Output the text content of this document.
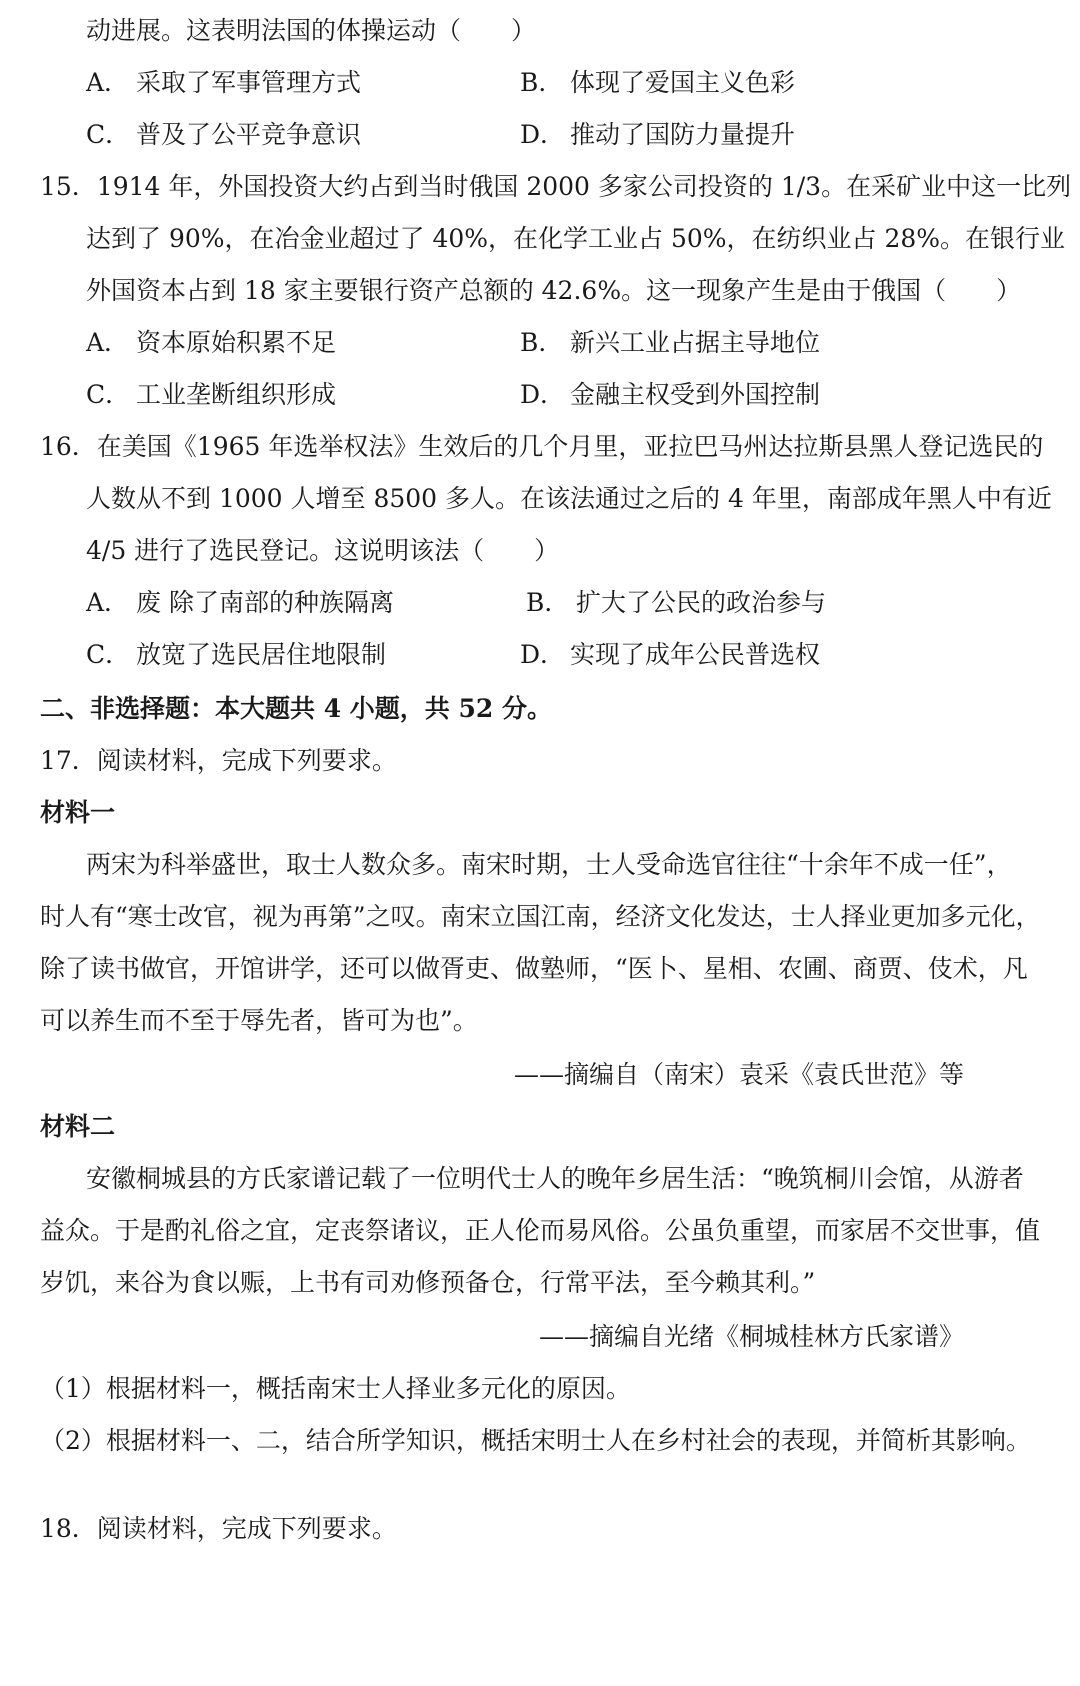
动进展。这表明法国的体操运动（　　）
A． 采取了军事管理方式	B． 体现了爱国主义色彩
C． 普及了公平竞争意识	D． 推动了国防力量提升
15．1914 年，外国投资大约占到当时俄国 2000 多家公司投资的 1/3。在采矿业中这一比列
达到了 90%，在冶金业超过了 40%，在化学工业占 50%，在纺织业占 28%。在银行业
外国资本占到 18 家主要银行资产总额的 42.6%。这一现象产生是由于俄国（　　）
A． 资本原始积累不足	B． 新兴工业占据主导地位
C． 工业垄断组织形成	D． 金融主权受到外国控制
16．在美国《1965 年选举权法》生效后的几个月里，亚拉巴马州达拉斯县黑人登记选民的
人数从不到 1000 人增至 8500 多人。在该法通过之后的 4 年里，南部成年黑人中有近
4/5 进行了选民登记。这说明该法（　　）
A． 废 除了南部的种族隔离	B． 扩大了公民的政治参与
C． 放宽了选民居住地限制	D． 实现了成年公民普选权
二、非选择题：本大题共 4 小题，共 52 分。
17．阅读材料，完成下列要求。
材料一
两宋为科举盛世，取士人数众多。南宋时期，士人受命选官往往“十余年不成一任”，
时人有“寒士改官，视为再第”之叹。南宋立国江南，经济文化发达，士人择业更加多元化，
除了读书做官，开馆讲学，还可以做胥吏、做塾师，“医卜、星相、农圃、商贾、伎术，凡
可以养生而不至于辱先者，皆可为也”。
——摘编自（南宋）袁采《袁氏世范》等
材料二
安徽桐城县的方氏家谱记载了一位明代士人的晚年乡居生活：“晚筑桐川会馆，从游者
益众。于是酌礼俗之宜，定丧祭诸议，正人伦而易风俗。公虽负重望，而家居不交世事，值
岁饥，来谷为食以赈，上书有司劝修预备仓，行常平法，至今赖其利。”
——摘编自光绪《桐城桂林方氏家谱》
（1）根据材料一，概括南宋士人择业多元化的原因。
（2）根据材料一、二，结合所学知识，概括宋明士人在乡村社会的表现，并简析其影响。
18．阅读材料，完成下列要求。
